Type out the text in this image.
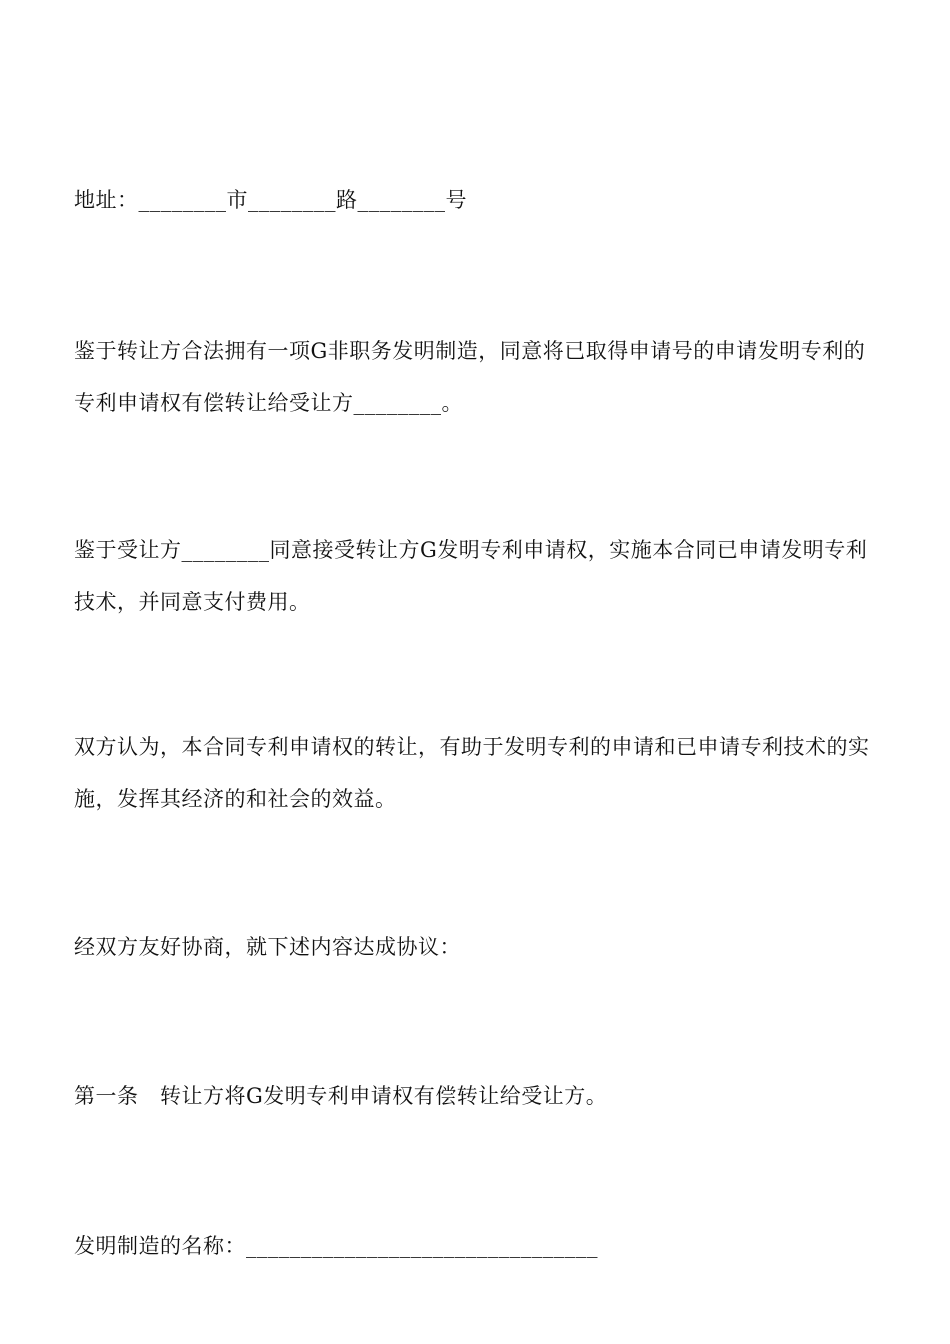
地址：________市________路________号

鉴于转让方合法拥有一项G非职务发明制造，同意将已取得申请号的申请发明专利的专利申请权有偿转让给受让方________。

鉴于受让方________同意接受转让方G发明专利申请权，实施本合同已申请发明专利技术，并同意支付费用。

双方认为，本合同专利申请权的转让，有助于发明专利的申请和已申请专利技术的实施，发挥其经济的和社会的效益。

经双方友好协商，就下述内容达成协议：

第一条　转让方将G发明专利申请权有偿转让给受让方。

发明制造的名称：________________________________
